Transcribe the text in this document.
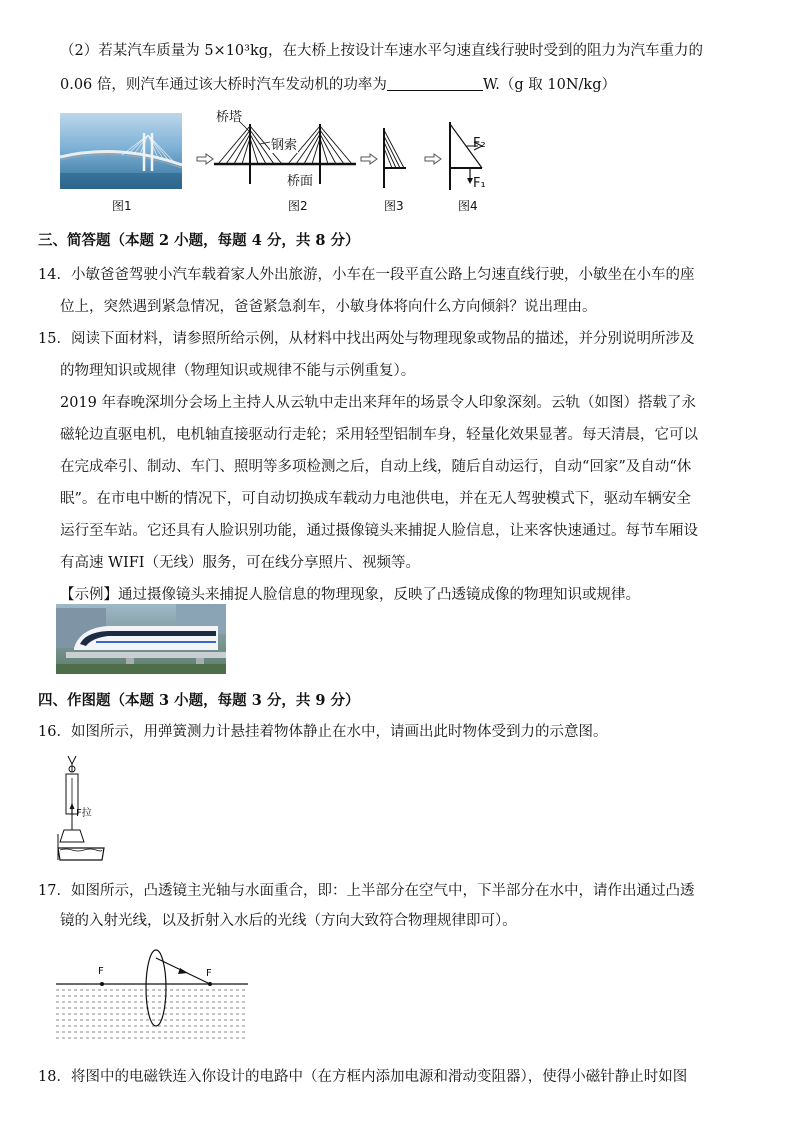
（2）若某汽车质量为 5×10³kg，在大桥上按设计车速水平匀速直线行驶时受到的阻力为汽车重力的
0.06 倍，则汽车通过该大桥时汽车发动机的功率为	W.（g 取 10N/kg）
图1
桥塔
钢索
桥面
图2	图3
F₂
F₁
图4
三、简答题（本题 2 小题，每题 4 分，共 8 分）
14．小敏爸爸驾驶小汽车载着家人外出旅游，小车在一段平直公路上匀速直线行驶，小敏坐在小车的座
位上，突然遇到紧急情况，爸爸紧急刹车，小敏身体将向什么方向倾斜？说出理由。
15．阅读下面材料，请参照所给示例，从材料中找出两处与物理现象或物品的描述，并分别说明所涉及
的物理知识或规律（物理知识或规律不能与示例重复）。
2019 年春晚深圳分会场上主持人从云轨中走出来拜年的场景令人印象深刻。云轨（如图）搭载了永
磁轮边直驱电机，电机轴直接驱动行走轮；采用轻型铝制车身，轻量化效果显著。每天清晨，它可以
在完成牵引、制动、车门、照明等多项检测之后，自动上线，随后自动运行，自动“回家”及自动“休
眠”。在市电中断的情况下，可自动切换成车载动力电池供电，并在无人驾驶模式下，驱动车辆安全
运行至车站。它还具有人脸识别功能，通过摄像镜头来捕捉人脸信息，让来客快速通过。每节车厢设
有高速 WIFI（无线）服务，可在线分享照片、视频等。
【示例】通过摄像镜头来捕捉人脸信息的物理现象，反映了凸透镜成像的物理知识或规律。
四、作图题（本题 3 小题，每题 3 分，共 9 分）
16．如图所示，用弹簧测力计悬挂着物体静止在水中，请画出此时物体受到力的示意图。
F拉
17．如图所示，凸透镜主光轴与水面重合，即：上半部分在空气中，下半部分在水中，请作出通过凸透
镜的入射光线，以及折射入水后的光线（方向大致符合物理规律即可）。
F	F
18．将图中的电磁铁连入你设计的电路中（在方框内添加电源和滑动变阻器），使得小磁针静止时如图
